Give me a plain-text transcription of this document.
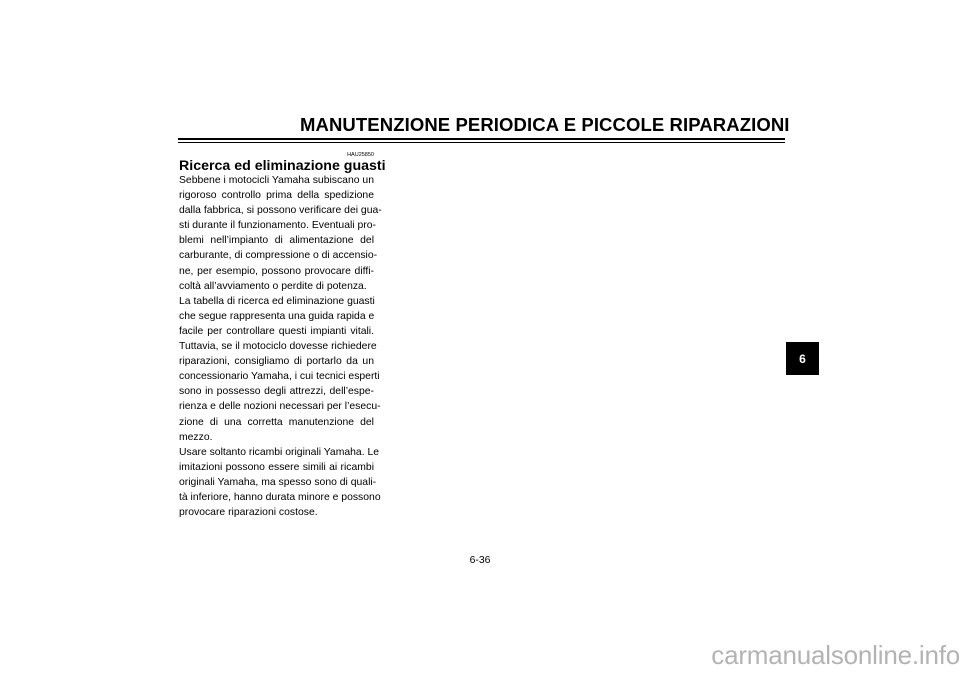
MANUTENZIONE PERIODICA E PICCOLE RIPARAZIONI
HAU25850
Ricerca ed eliminazione guasti
Sebbene i motocicli Yamaha subiscano un
rigoroso controllo prima della spedizione
dalla fabbrica, si possono verificare dei gua-
sti durante il funzionamento. Eventuali pro-
blemi nell’impianto di alimentazione del
carburante, di compressione o di accensio-
ne, per esempio, possono provocare diffi-
coltà all’avviamento o perdite di potenza.
La tabella di ricerca ed eliminazione guasti
che segue rappresenta una guida rapida e
facile per controllare questi impianti vitali.
Tuttavia, se il motociclo dovesse richiedere
riparazioni, consigliamo di portarlo da un
concessionario Yamaha, i cui tecnici esperti
sono in possesso degli attrezzi, dell’espe-
rienza e delle nozioni necessari per l’esecu-
zione di una corretta manutenzione del
mezzo.
Usare soltanto ricambi originali Yamaha. Le
imitazioni possono essere simili ai ricambi
originali Yamaha, ma spesso sono di quali-
tà inferiore, hanno durata minore e possono
provocare riparazioni costose.
6
6-36
carmanualsonline.info
